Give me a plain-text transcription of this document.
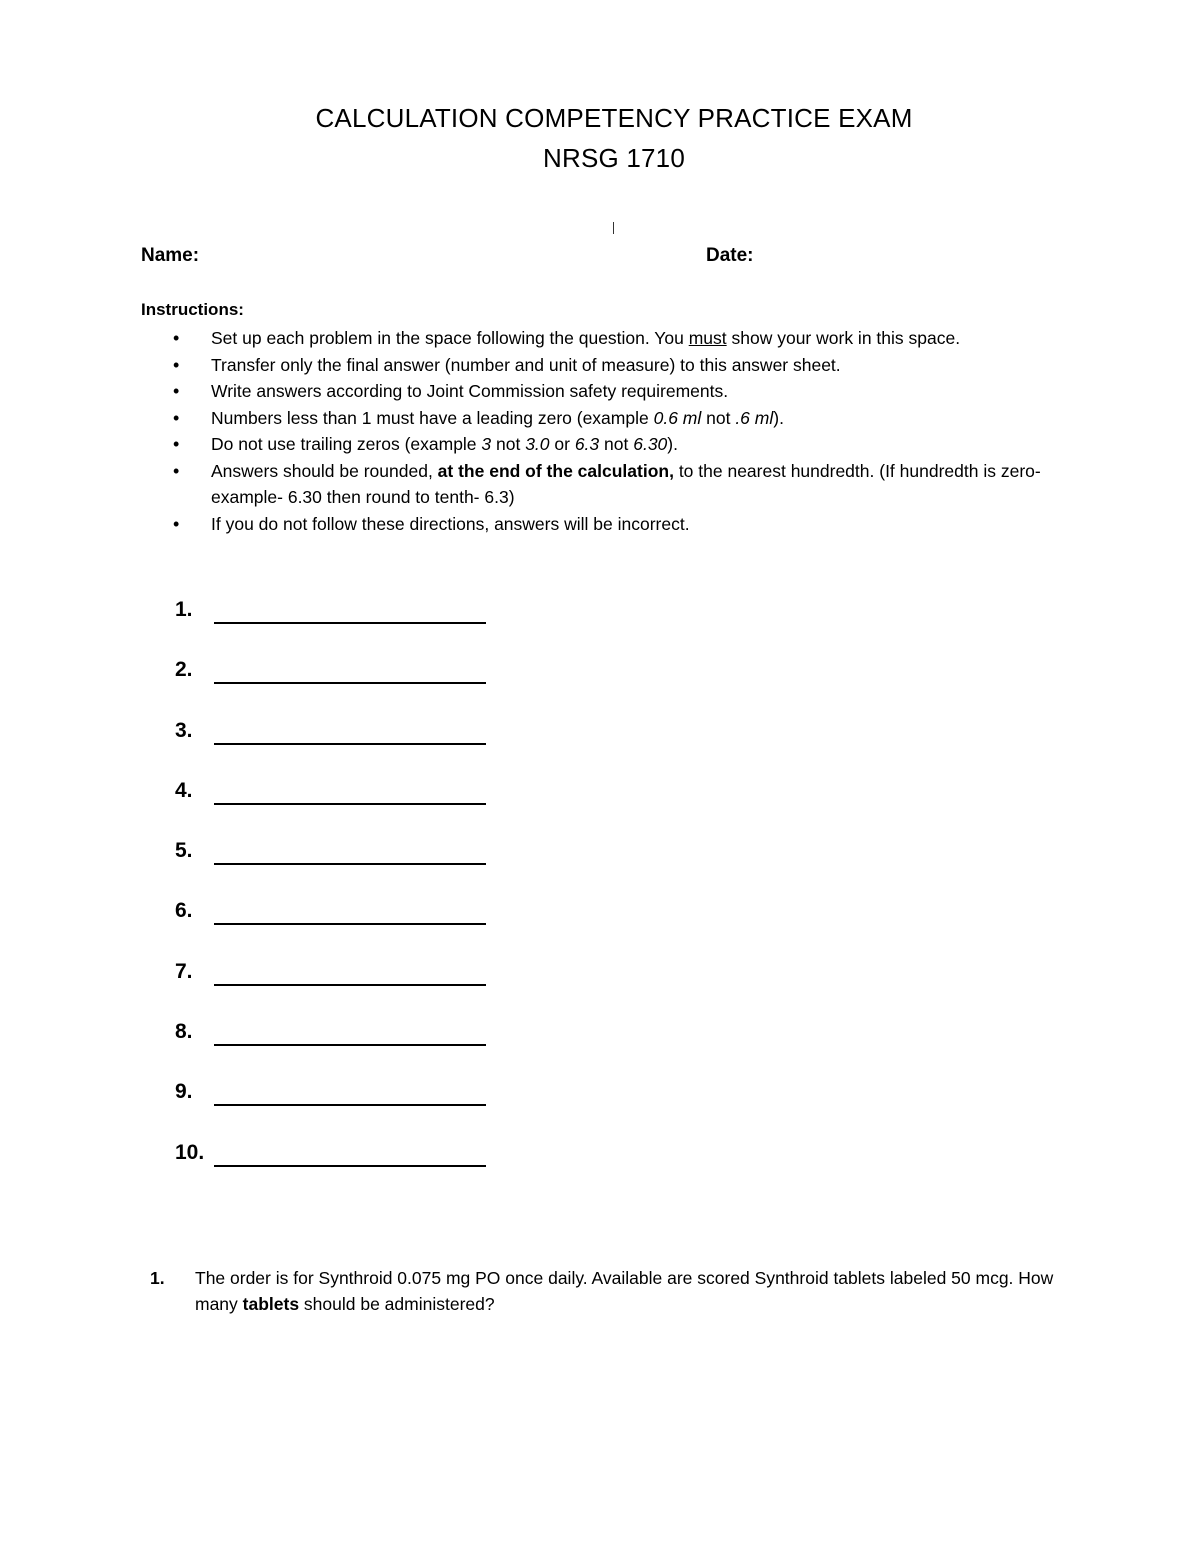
CALCULATION COMPETENCY PRACTICE EXAM
NRSG 1710
Name:	Date:
Instructions:
• Set up each problem in the space following the question. You must show your work in this space.
• Transfer only the final answer (number and unit of measure) to this answer sheet.
• Write answers according to Joint Commission safety requirements.
• Numbers less than 1 must have a leading zero (example 0.6 ml not .6 ml).
• Do not use trailing zeros (example 3 not 3.0 or 6.3 not 6.30).
• Answers should be rounded, at the end of the calculation, to the nearest hundredth. (If hundredth is zero- example- 6.30 then round to tenth- 6.3)
• If you do not follow these directions, answers will be incorrect.
1.
2.
3.
4.
5.
6.
7.
8.
9.
10.
1. The order is for Synthroid 0.075 mg PO once daily. Available are scored Synthroid tablets labeled 50 mcg. How many tablets should be administered?
